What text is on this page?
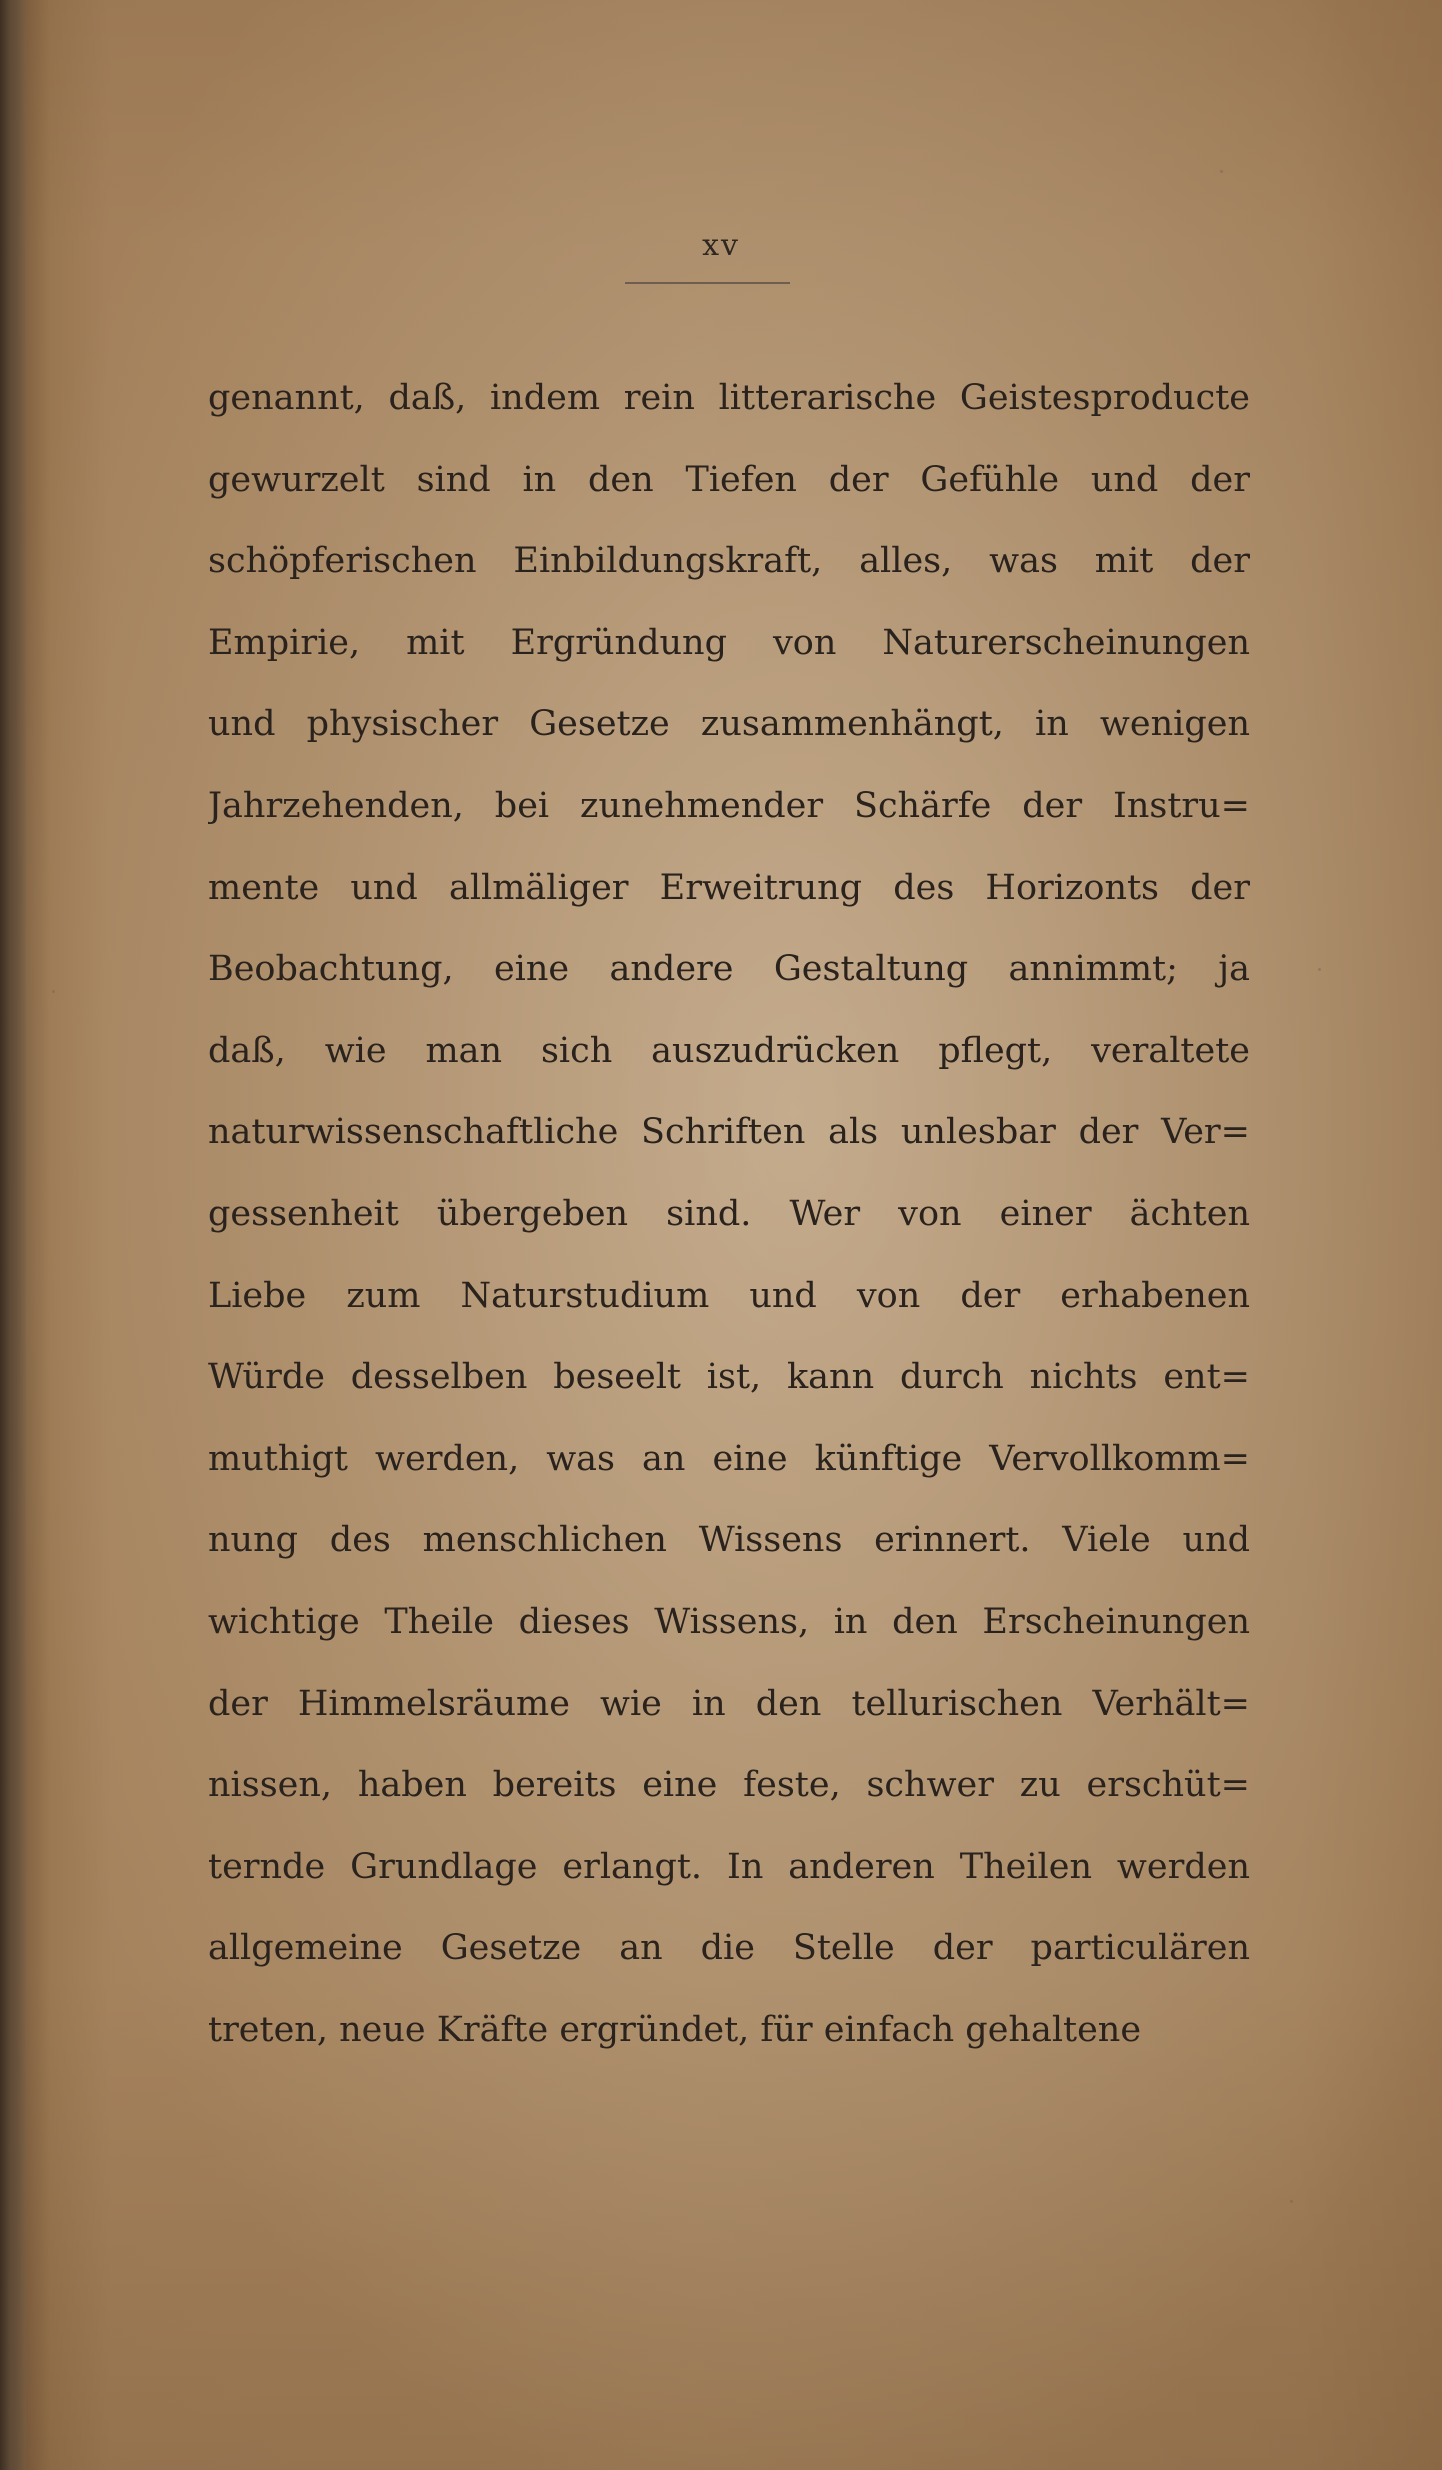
xv
genannt, daß, indem rein litterarische Geistesproducte
gewurzelt sind in den Tiefen der Gefühle und der
schöpferischen Einbildungskraft, alles, was mit der
Empirie, mit Ergründung von Naturerscheinungen
und physischer Gesetze zusammenhängt, in wenigen
Jahrzehenden, bei zunehmender Schärfe der Instru=
mente und allmäliger Erweitrung des Horizonts der
Beobachtung, eine andere Gestaltung annimmt; ja
daß, wie man sich auszudrücken pflegt, veraltete
naturwissenschaftliche Schriften als unlesbar der Ver=
gessenheit übergeben sind. Wer von einer ächten
Liebe zum Naturstudium und von der erhabenen
Würde desselben beseelt ist, kann durch nichts ent=
muthigt werden, was an eine künftige Vervollkomm=
nung des menschlichen Wissens erinnert. Viele und
wichtige Theile dieses Wissens, in den Erscheinungen
der Himmelsräume wie in den tellurischen Verhält=
nissen, haben bereits eine feste, schwer zu erschüt=
ternde Grundlage erlangt. In anderen Theilen werden
allgemeine Gesetze an die Stelle der particulären
treten, neue Kräfte ergründet, für einfach gehaltene
